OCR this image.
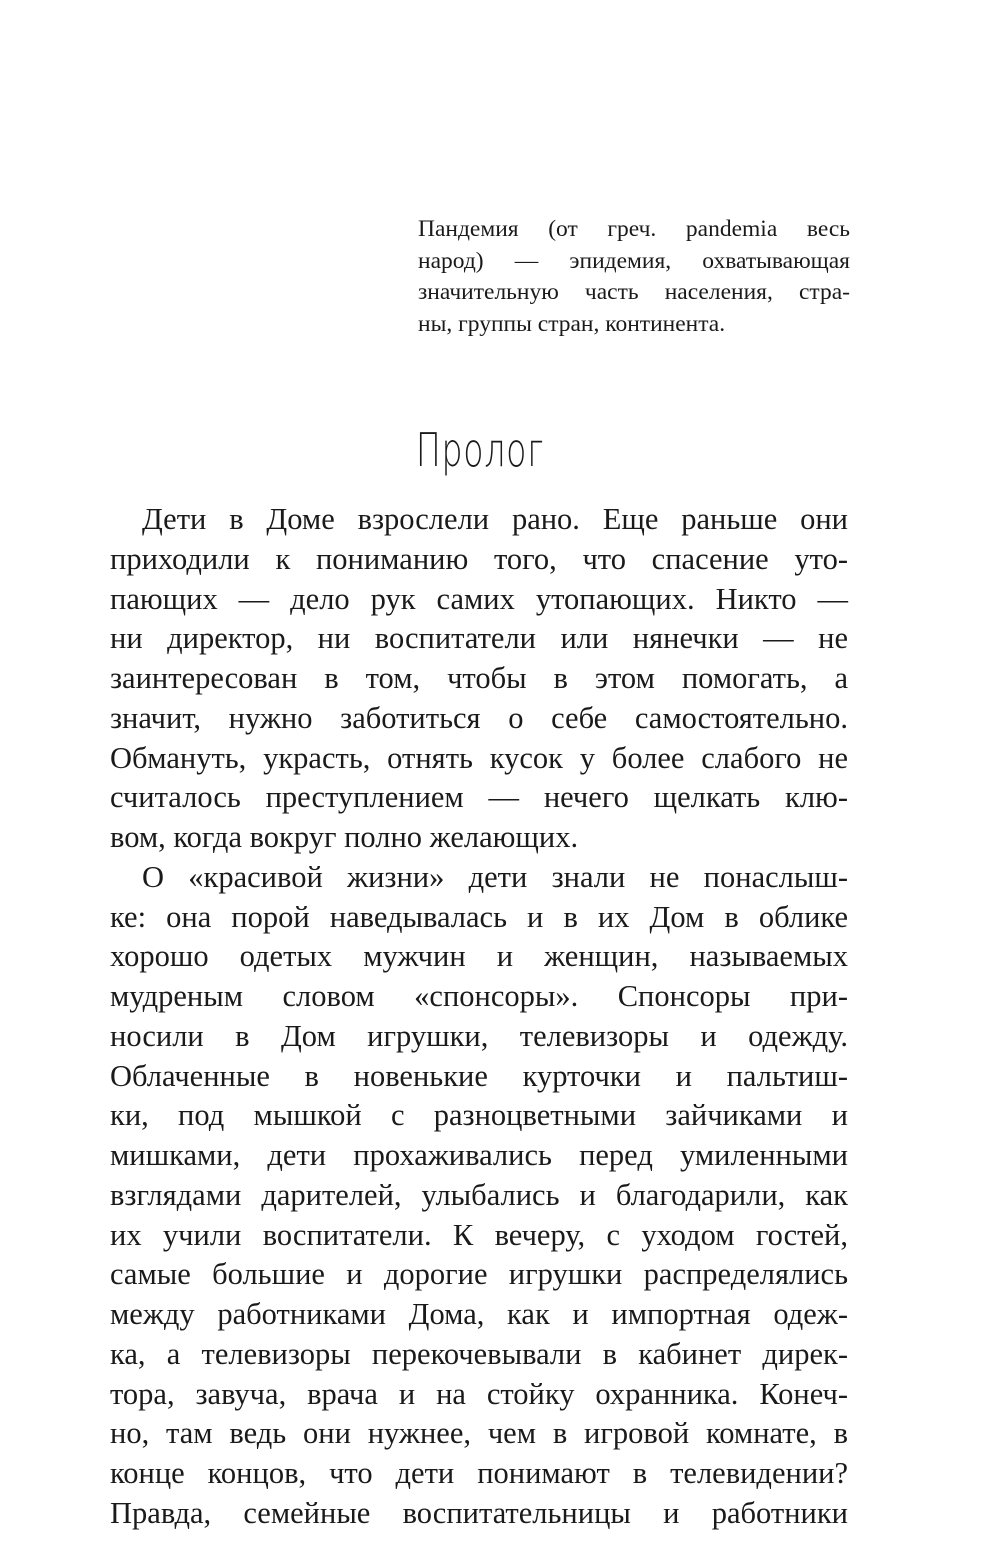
Пандемия (от греч. pandemia весь
народ) — эпидемия, охватывающая
значительную часть населения, стра-
ны, группы стран, континента.
Пролог
Дети в Доме взрослели рано. Еще раньше они
приходили к пониманию того, что спасение уто-
пающих — дело рук самих утопающих. Никто —
ни директор, ни воспитатели или нянечки — не
заинтересован в том, чтобы в этом помогать, а
значит, нужно заботиться о себе самостоятельно.
Обмануть, украсть, отнять кусок у более слабого не
считалось преступлением — нечего щелкать клю-
вом, когда вокруг полно желающих.
О «красивой жизни» дети знали не понаслыш-
ке: она порой наведывалась и в их Дом в облике
хорошо одетых мужчин и женщин, называемых
мудреным словом «спонсоры». Спонсоры при-
носили в Дом игрушки, телевизоры и одежду.
Облаченные в новенькие курточки и пальтиш-
ки, под мышкой с разноцветными зайчиками и
мишками, дети прохаживались перед умиленными
взглядами дарителей, улыбались и благодарили, как
их учили воспитатели. К вечеру, с уходом гостей,
самые большие и дорогие игрушки распределялись
между работниками Дома, как и импортная одеж-
ка, а телевизоры перекочевывали в кабинет дирек-
тора, завуча, врача и на стойку охранника. Конеч-
но, там ведь они нужнее, чем в игровой комнате, в
конце концов, что дети понимают в телевидении?
Правда, семейные воспитательницы и работники
